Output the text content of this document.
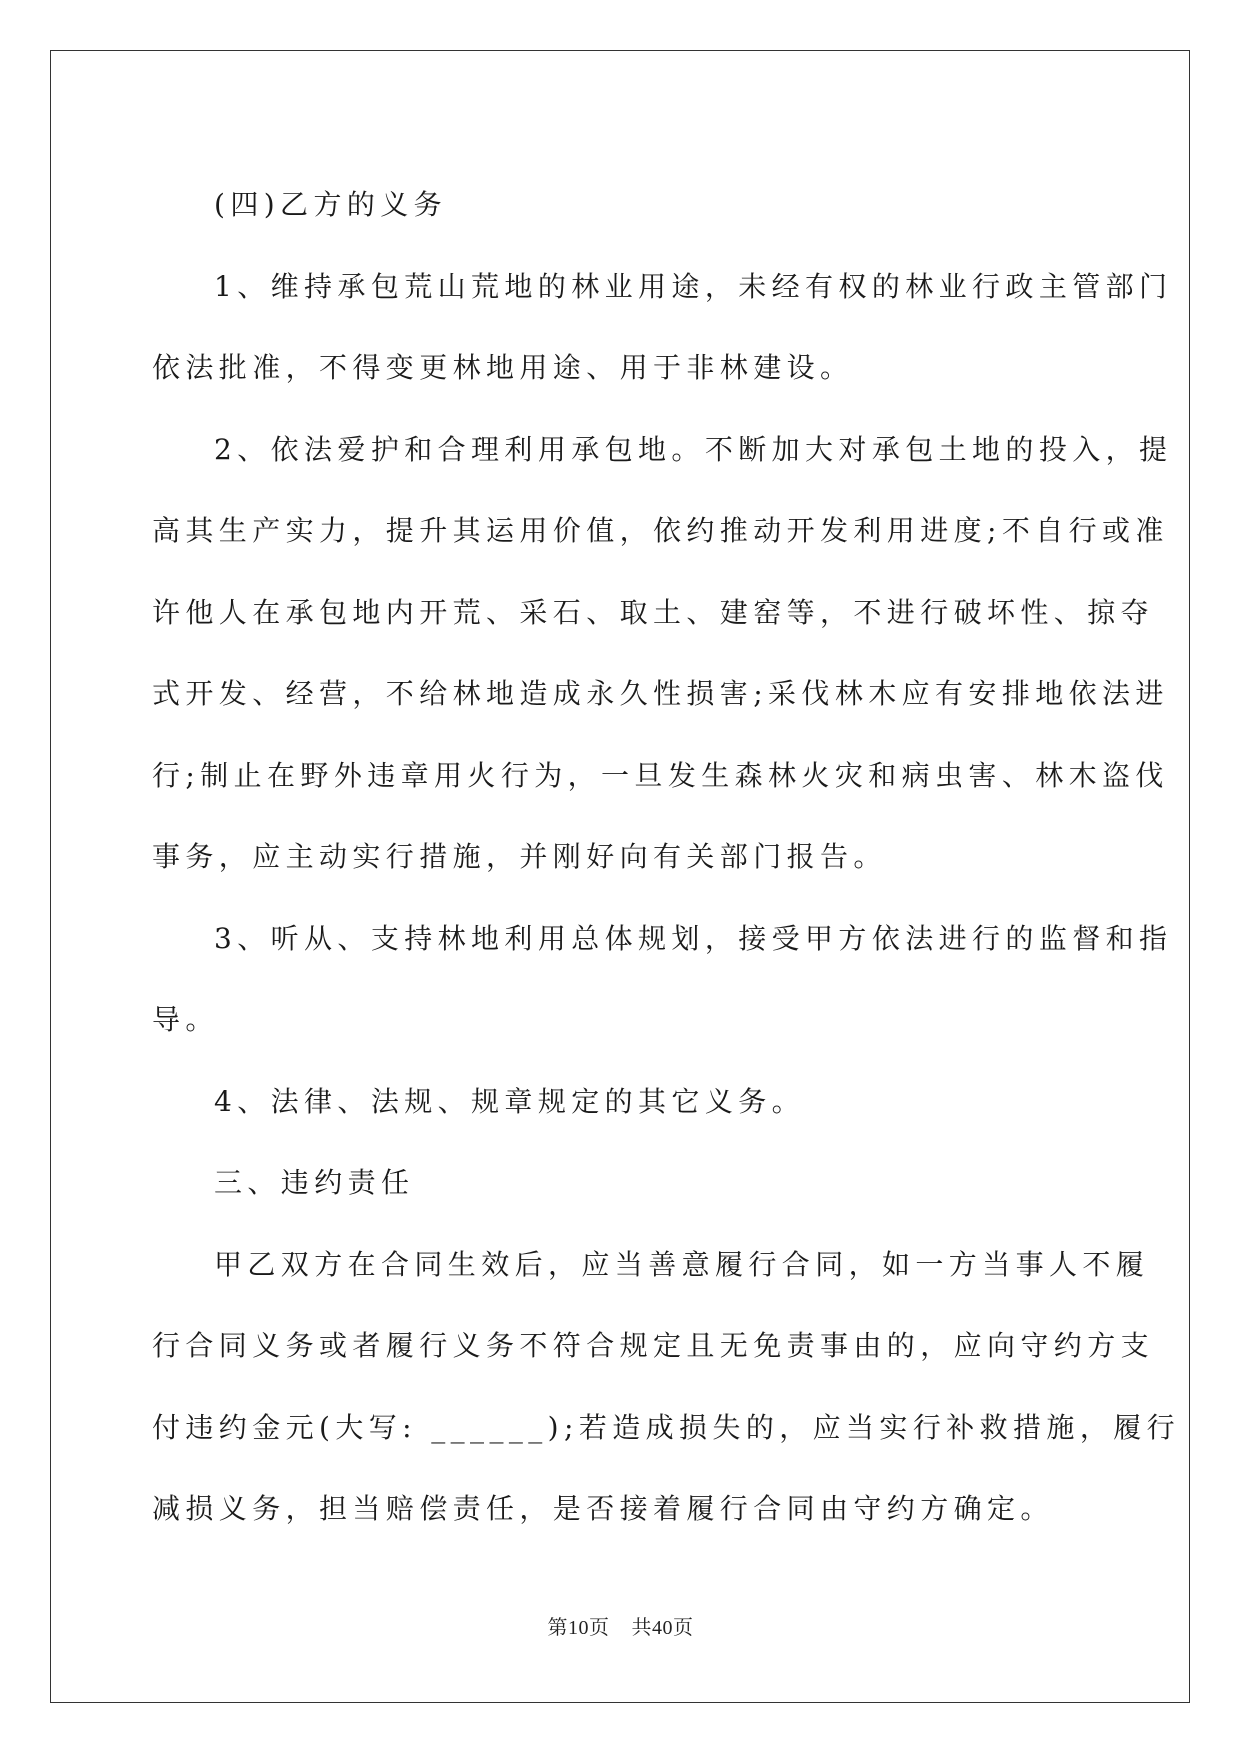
(四)乙方的义务
1、维持承包荒山荒地的林业用途，未经有权的林业行政主管部门
依法批准，不得变更林地用途、用于非林建设。
2、依法爱护和合理利用承包地。不断加大对承包土地的投入，提
高其生产实力，提升其运用价值，依约推动开发利用进度;不自行或准
许他人在承包地内开荒、采石、取土、建窑等，不进行破坏性、掠夺
式开发、经营，不给林地造成永久性损害;采伐林木应有安排地依法进
行;制止在野外违章用火行为，一旦发生森林火灾和病虫害、林木盗伐
事务，应主动实行措施，并刚好向有关部门报告。
3、听从、支持林地利用总体规划，接受甲方依法进行的监督和指
导。
4、法律、法规、规章规定的其它义务。
三、违约责任
甲乙双方在合同生效后，应当善意履行合同，如一方当事人不履
行合同义务或者履行义务不符合规定且无免责事由的，应向守约方支
付违约金元(大写: ______);若造成损失的，应当实行补救措施，履行
减损义务，担当赔偿责任，是否接着履行合同由守约方确定。
第10页 共40页
